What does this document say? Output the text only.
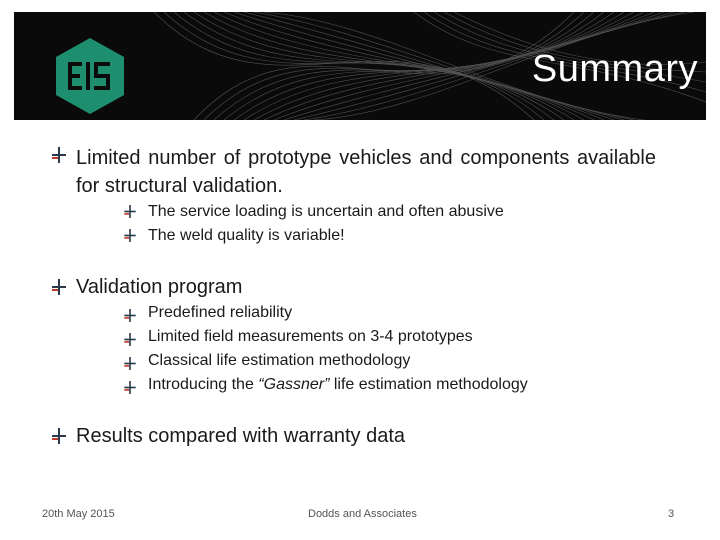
Summary
Limited number of prototype vehicles and components available for structural validation.
The service loading is uncertain and often abusive
The weld quality is variable!
Validation program
Predefined reliability
Limited field measurements on 3-4 prototypes
Classical life estimation methodology
Introducing the “Gassner” life estimation methodology
Results compared with warranty data
20th May 2015	Dodds and Associates	3
